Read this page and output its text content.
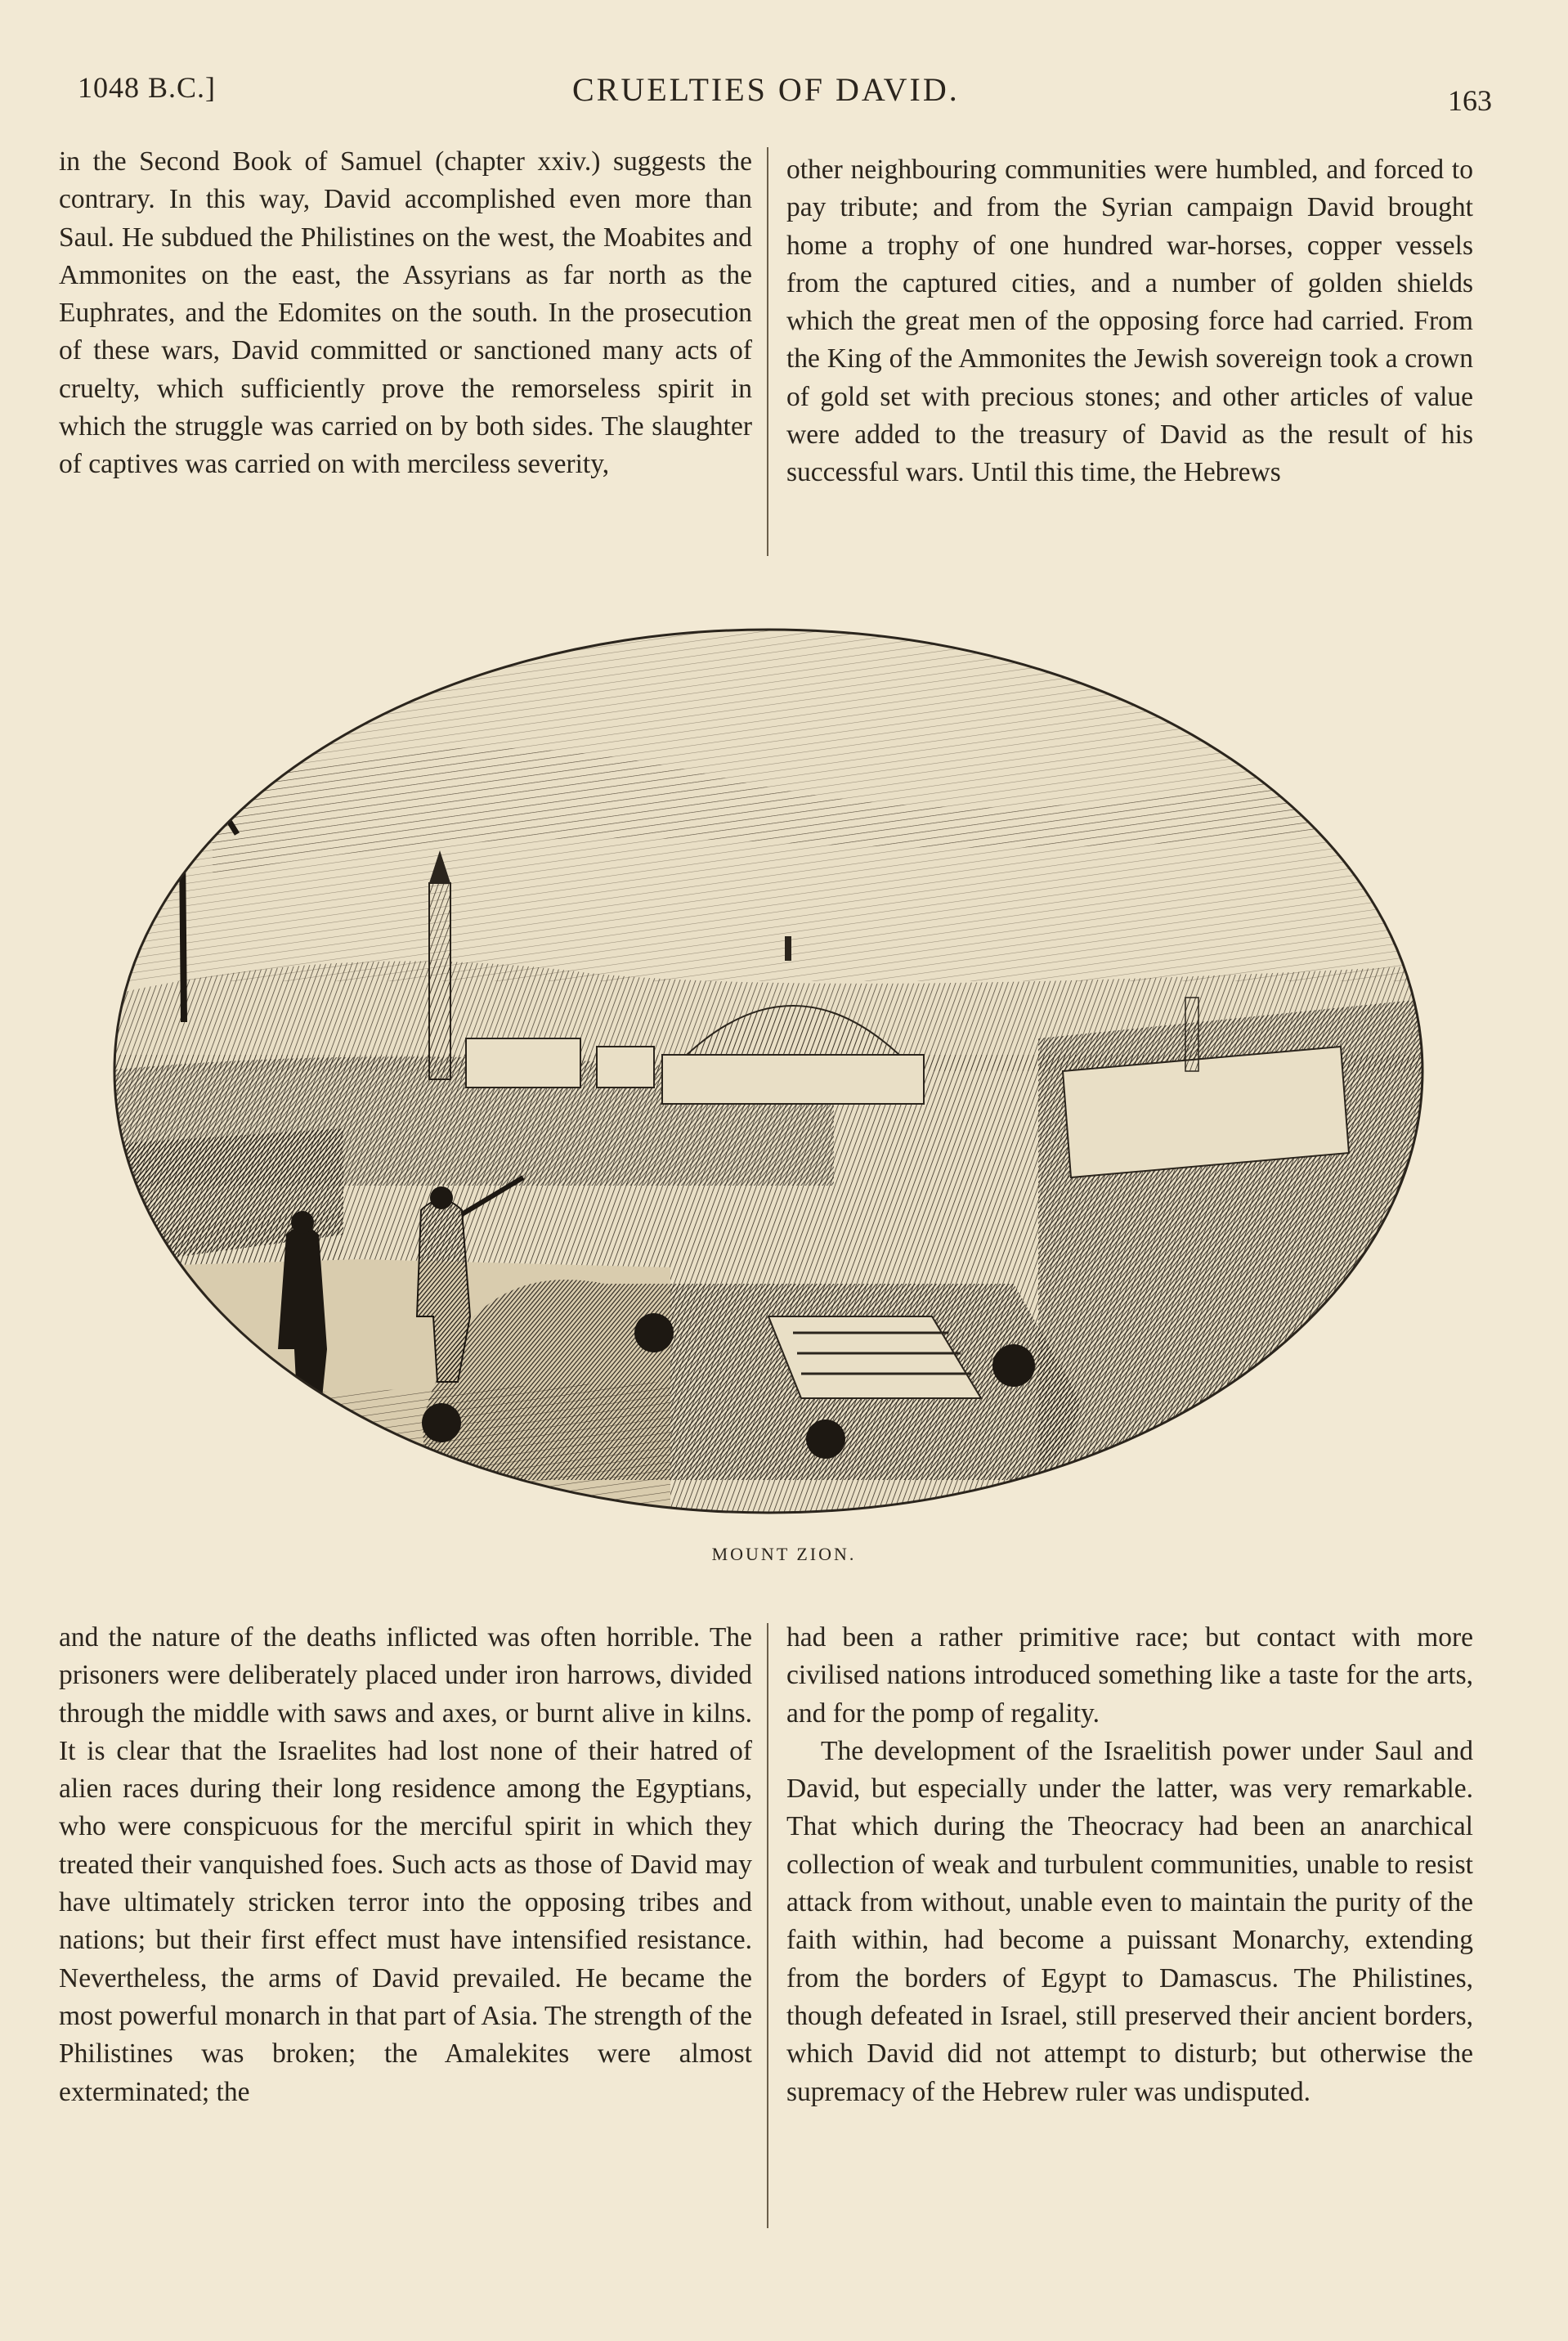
1048 B.C.]	CRUELTIES OF DAVID.	163

in the Second Book of Samuel (chapter xxiv.) suggests the contrary. In this way, David accomplished even more than Saul. He subdued the Philistines on the west, the Moabites and Ammonites on the east, the Assyrians as far north as the Euphrates, and the Edomites on the south. In the prosecution of these wars, David committed or sanctioned many acts of cruelty, which sufficiently prove the remorseless spirit in which the struggle was carried on by both sides. The slaughter of captives was carried on with merciless severity,

other neighbouring communities were humbled, and forced to pay tribute; and from the Syrian campaign David brought home a trophy of one hundred war-horses, copper vessels from the captured cities, and a number of golden shields which the great men of the opposing force had carried. From the King of the Ammonites the Jewish sovereign took a crown of gold set with precious stones; and other articles of value were added to the treasury of David as the result of his successful wars. Until this time, the Hebrews

MOUNT ZION.

and the nature of the deaths inflicted was often horrible. The prisoners were deliberately placed under iron harrows, divided through the middle with saws and axes, or burnt alive in kilns. It is clear that the Israelites had lost none of their hatred of alien races during their long residence among the Egyptians, who were conspicuous for the merciful spirit in which they treated their vanquished foes. Such acts as those of David may have ultimately stricken terror into the opposing tribes and nations; but their first effect must have intensified resistance. Nevertheless, the arms of David prevailed. He became the most powerful monarch in that part of Asia. The strength of the Philistines was broken; the Amalekites were almost exterminated; the

had been a rather primitive race; but contact with more civilised nations introduced something like a taste for the arts, and for the pomp of regality.

The development of the Israelitish power under Saul and David, but especially under the latter, was very remarkable. That which during the Theocracy had been an anarchical collection of weak and turbulent communities, unable to resist attack from without, unable even to maintain the purity of the faith within, had become a puissant Monarchy, extending from the borders of Egypt to Damascus. The Philistines, though defeated in Israel, still preserved their ancient borders, which David did not attempt to disturb; but otherwise the supremacy of the Hebrew ruler was undisputed.
